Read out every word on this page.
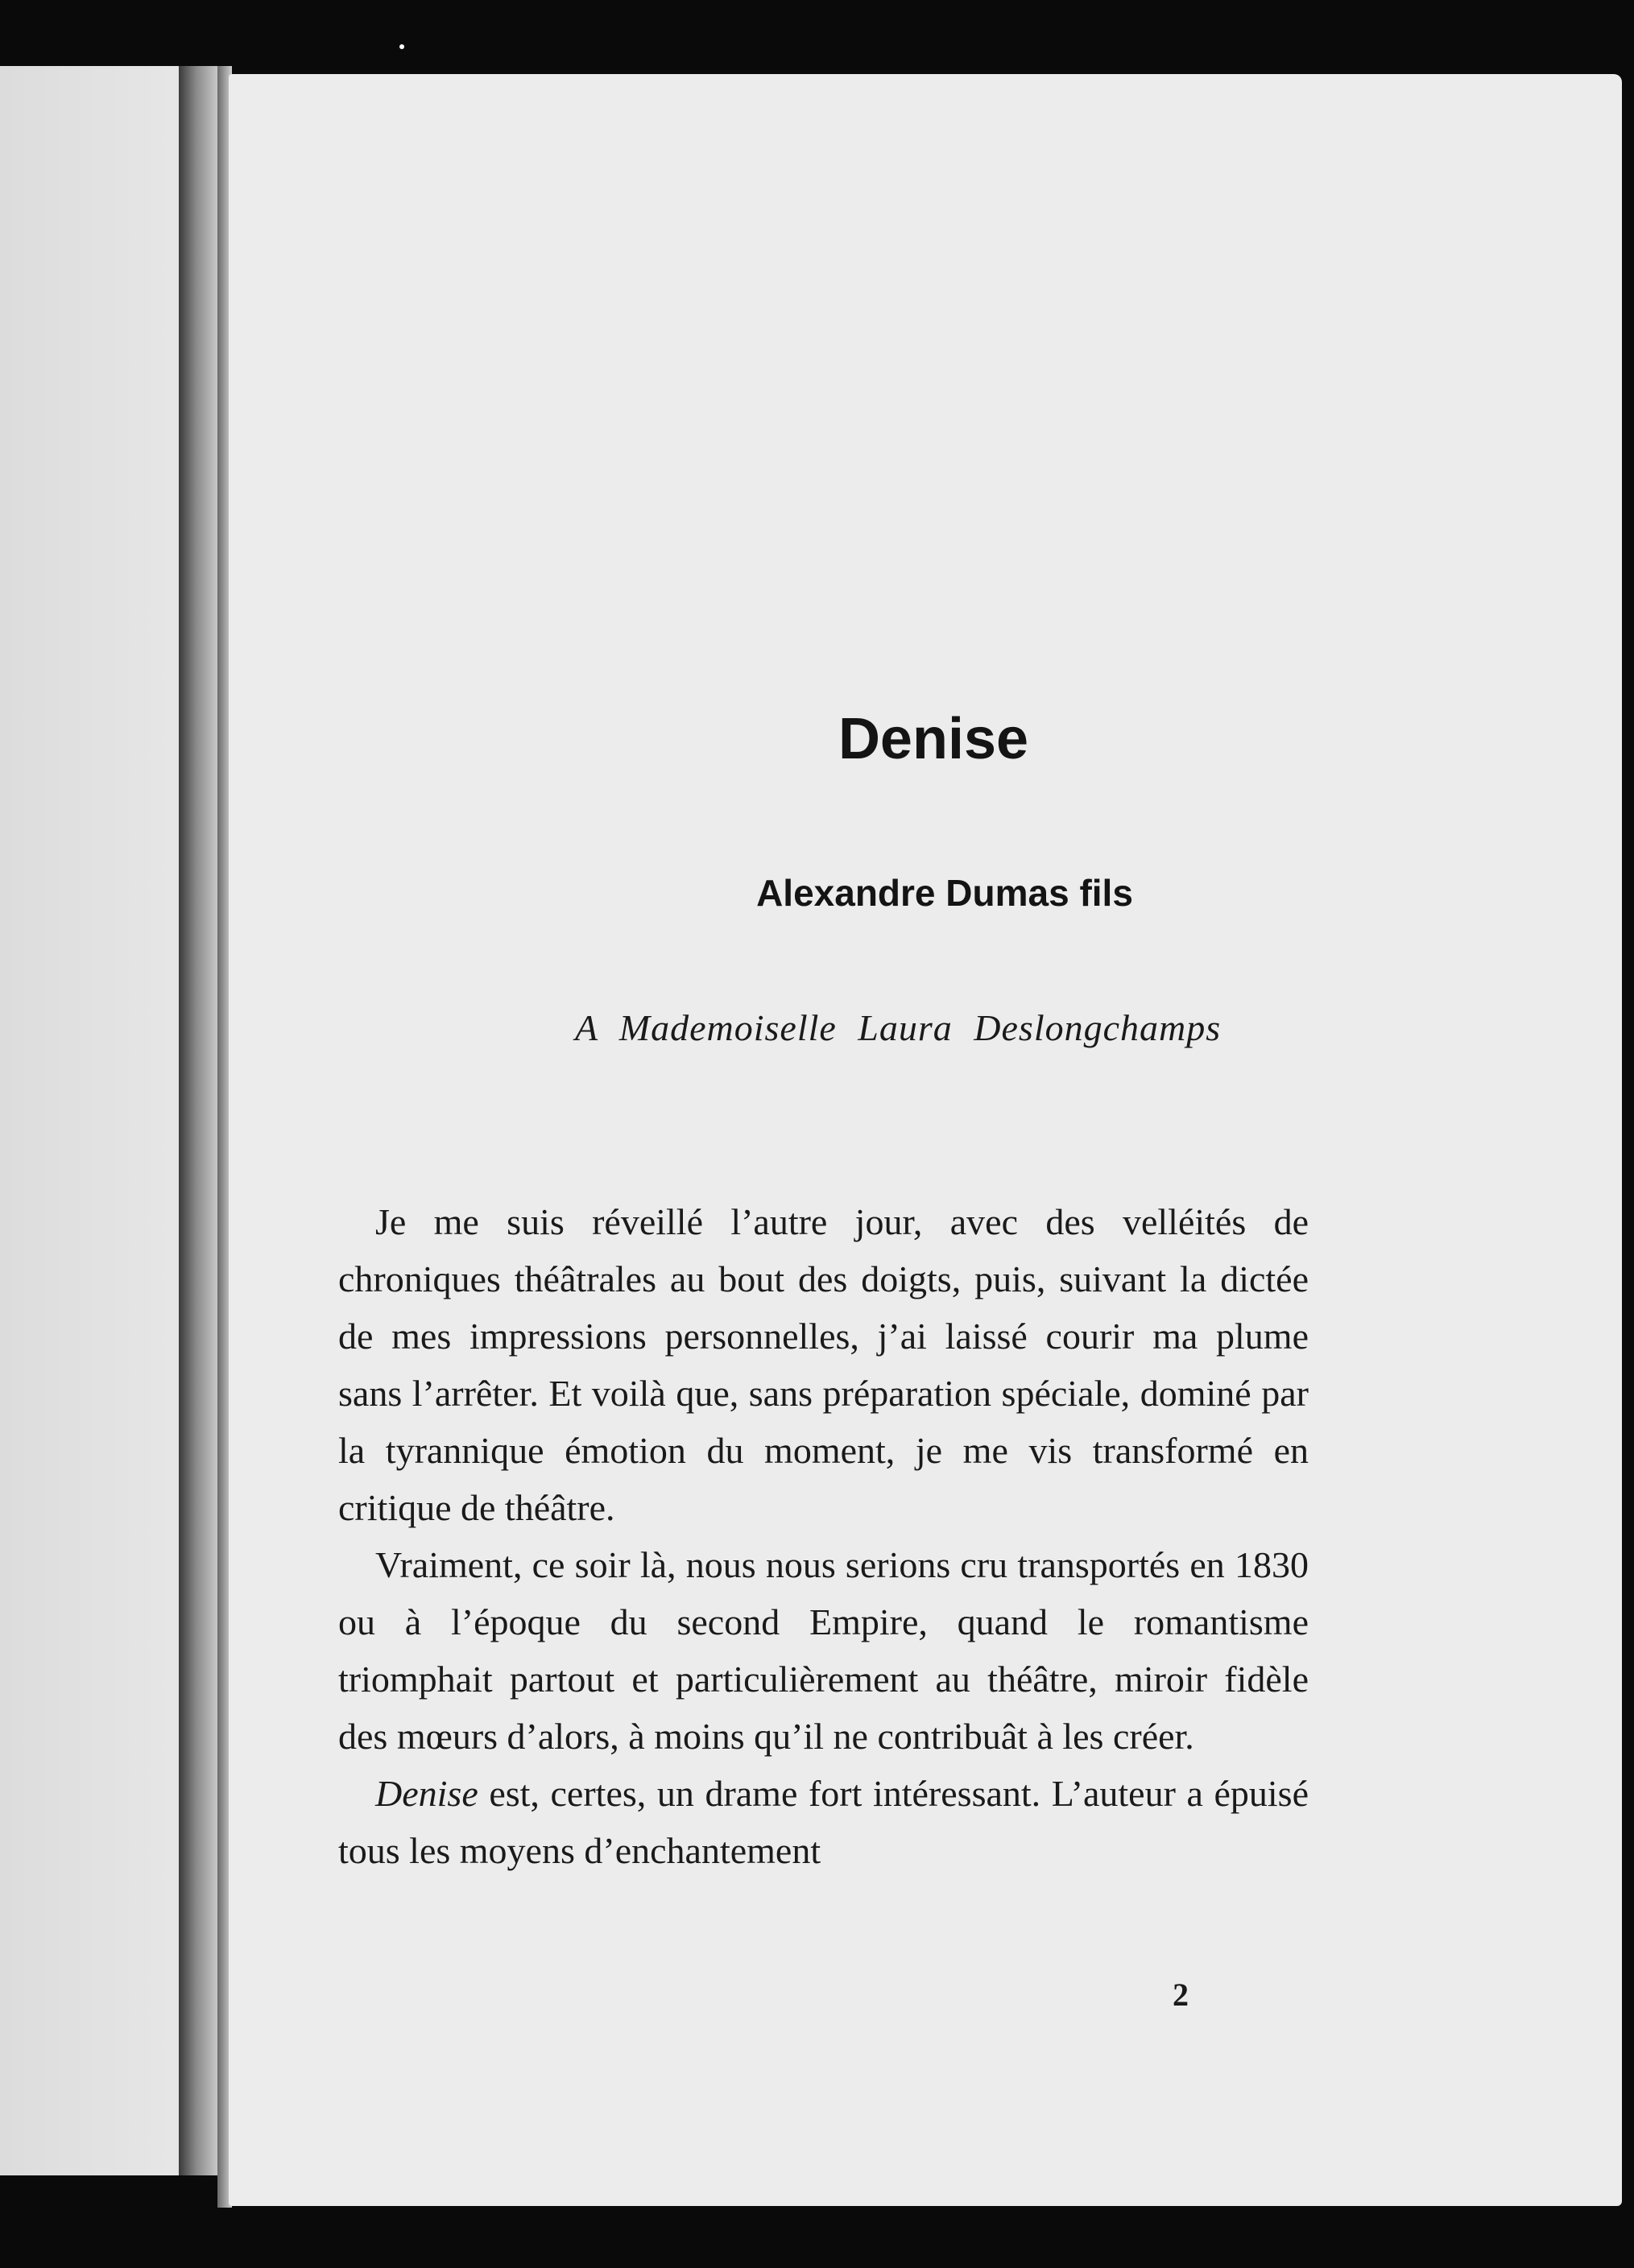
Denise
Alexandre Dumas fils
A Mademoiselle Laura Deslongchamps

Je me suis réveillé l’autre jour, avec des velléités de chroniques théâtrales au bout des doigts, puis, suivant la dictée de mes impressions personnelles, j’ai laissé courir ma plume sans l’arrêter. Et voilà que, sans préparation spéciale, dominé par la tyrannique émotion du moment, je me vis transformé en critique de théâtre.

Vraiment, ce soir là, nous nous serions cru transportés en 1830 ou à l’époque du second Empire, quand le romantisme triomphait partout et particulièrement au théâtre, miroir fidèle des mœurs d’alors, à moins qu’il ne contribuât à les créer.

Denise est, certes, un drame fort intéressant. L’auteur a épuisé tous les moyens d’enchantement

2
